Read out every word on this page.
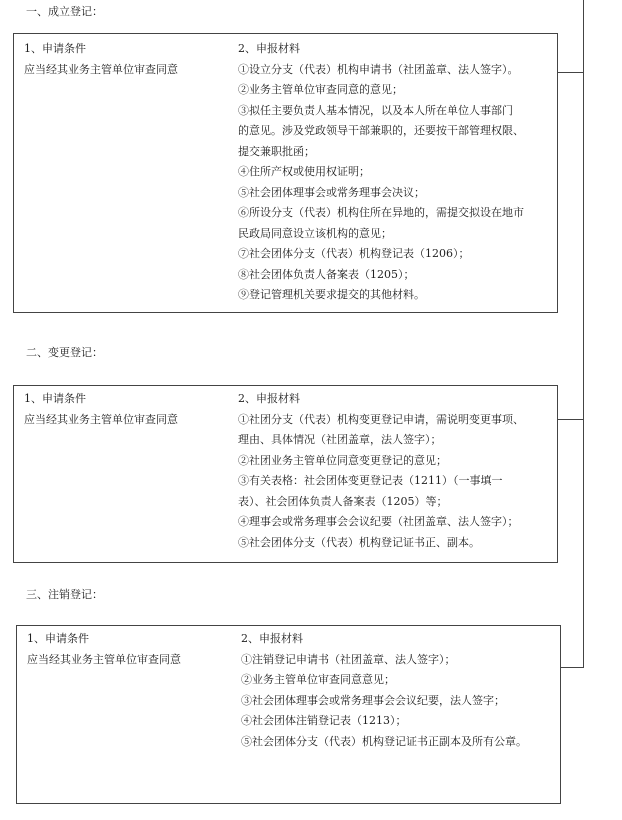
一、成立登记：
1、申请条件
应当经其业务主管单位审查同意
2、申报材料
①设立分支（代表）机构申请书（社团盖章、法人签字）。
②业务主管单位审查同意的意见；
③拟任主要负责人基本情况，以及本人所在单位人事部门
的意见。涉及党政领导干部兼职的，还要按干部管理权限、
提交兼职批函；
④住所产权或使用权证明；
⑤社会团体理事会或常务理事会决议；
⑥所设分支（代表）机构住所在异地的，需提交拟设在地市
民政局同意设立该机构的意见；
⑦社会团体分支（代表）机构登记表（1206）；
⑧社会团体负责人备案表（1205）；
⑨登记管理机关要求提交的其他材料。
二、变更登记：
1、申请条件
应当经其业务主管单位审查同意
2、申报材料
①社团分支（代表）机构变更登记申请，需说明变更事项、
理由、具体情况（社团盖章，法人签字）；
②社团业务主管单位同意变更登记的意见；
③有关表格：社会团体变更登记表（1211）（一事填一
表）、社会团体负责人备案表（1205）等；
④理事会或常务理事会会议纪要（社团盖章、法人签字）；
⑤社会团体分支（代表）机构登记证书正、副本。
三、注销登记：
1、申请条件
应当经其业务主管单位审查同意
2、申报材料
①注销登记申请书（社团盖章、法人签字）；
②业务主管单位审查同意意见；
③社会团体理事会或常务理事会会议纪要，法人签字；
④社会团体注销登记表（1213）；
⑤社会团体分支（代表）机构登记证书正副本及所有公章。
